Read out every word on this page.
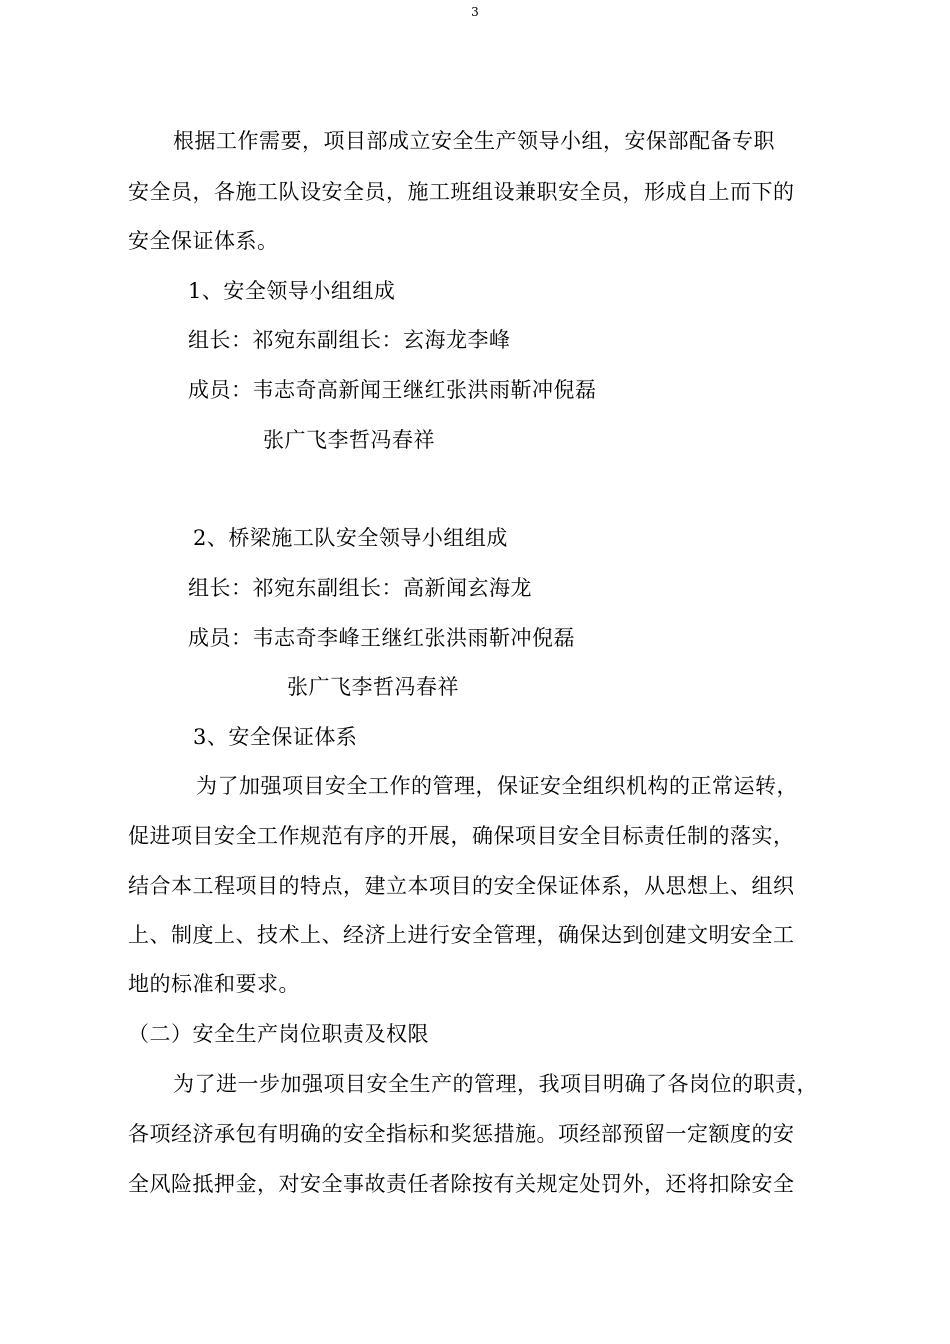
3
根据工作需要，项目部成立安全生产领导小组，安保部配备专职
安全员，各施工队设安全员，施工班组设兼职安全员，形成自上而下的
安全保证体系。
1、安全领导小组组成
组长：祁宛东副组长：玄海龙李峰
成员：韦志奇高新闻王继红张洪雨靳冲倪磊
张广飞李哲冯春祥
2、桥梁施工队安全领导小组组成
组长：祁宛东副组长：高新闻玄海龙
成员：韦志奇李峰王继红张洪雨靳冲倪磊
张广飞李哲冯春祥
3、安全保证体系
为了加强项目安全工作的管理，保证安全组织机构的正常运转，
促进项目安全工作规范有序的开展，确保项目安全目标责任制的落实，
结合本工程项目的特点，建立本项目的安全保证体系，从思想上、组织
上、制度上、技术上、经济上进行安全管理，确保达到创建文明安全工
地的标准和要求。
（二）安全生产岗位职责及权限
为了进一步加强项目安全生产的管理，我项目明确了各岗位的职责，
各项经济承包有明确的安全指标和奖惩措施。项经部预留一定额度的安
全风险抵押金，对安全事故责任者除按有关规定处罚外，还将扣除安全
